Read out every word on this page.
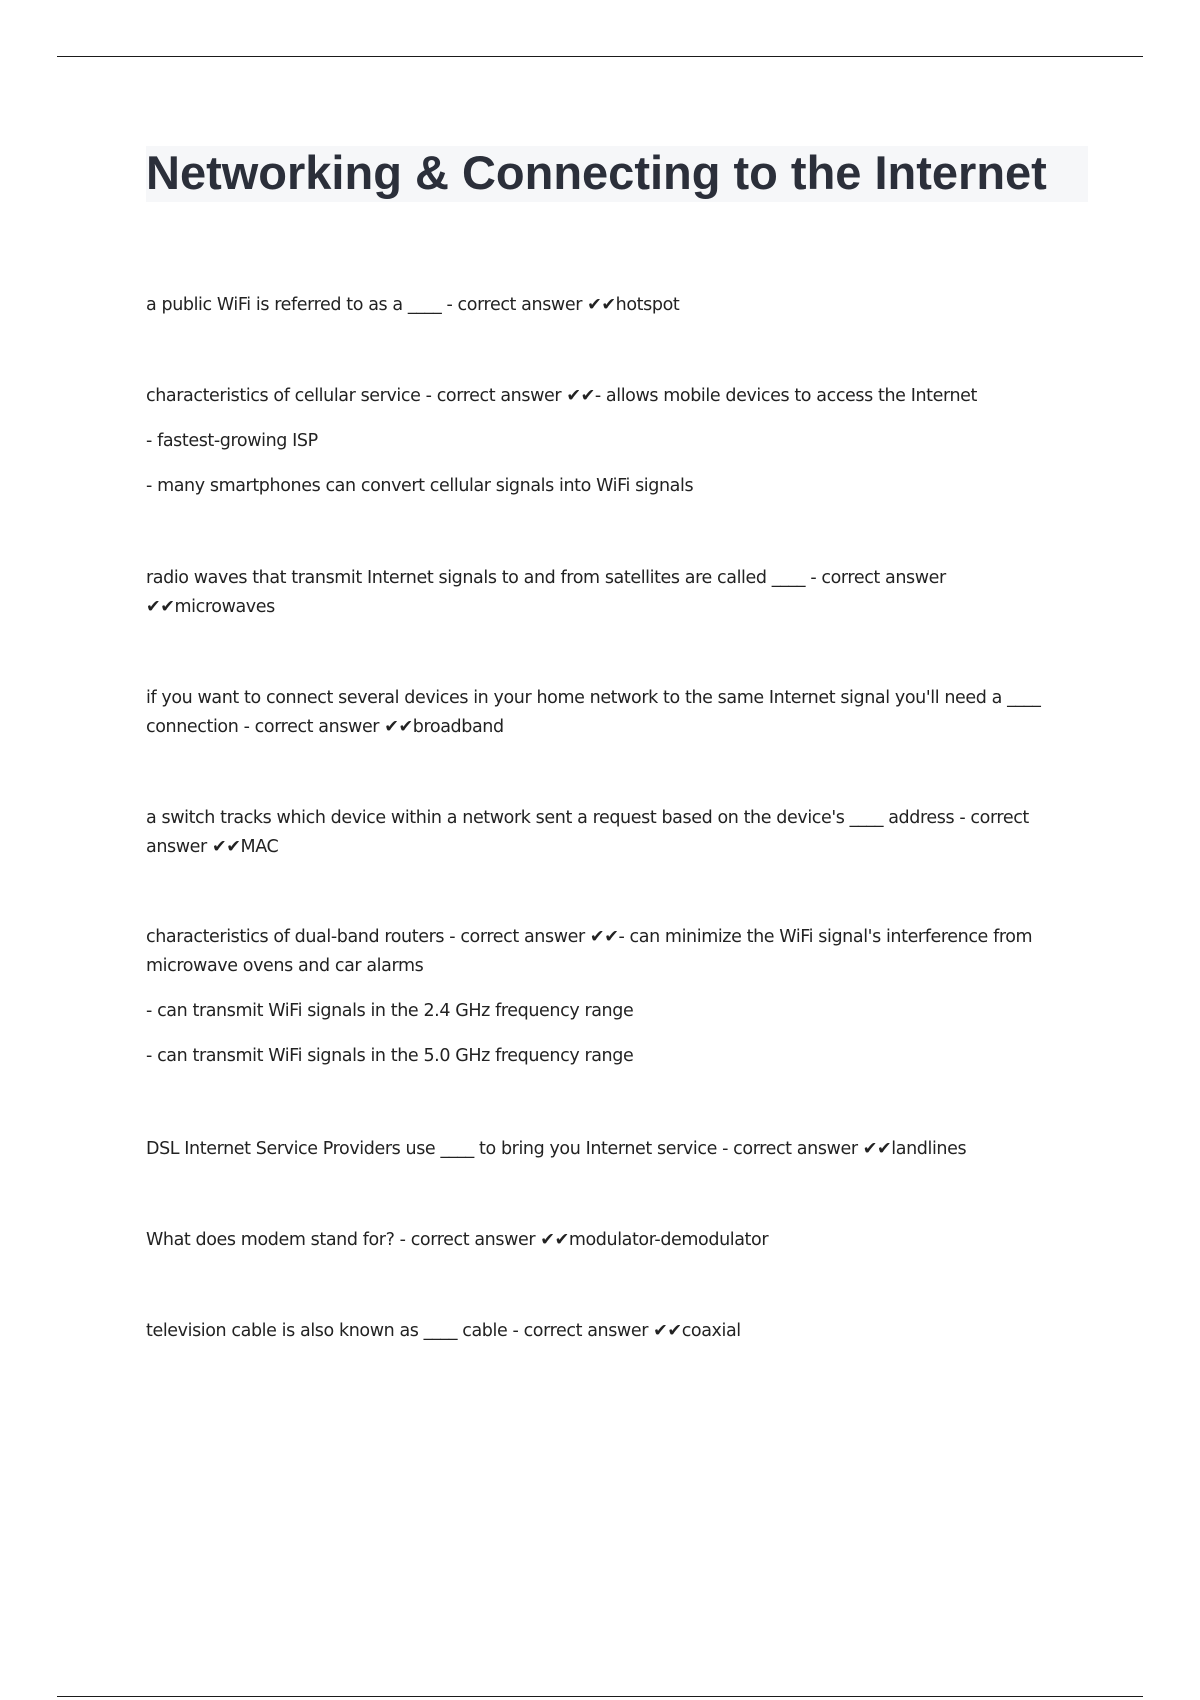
Networking & Connecting to the Internet

a public WiFi is referred to as a ____ - correct answer ✔✔hotspot

characteristics of cellular service - correct answer ✔✔- allows mobile devices to access the Internet

- fastest-growing ISP

- many smartphones can convert cellular signals into WiFi signals

radio waves that transmit Internet signals to and from satellites are called ____ - correct answer ✔✔microwaves

if you want to connect several devices in your home network to the same Internet signal you'll need a ____ connection - correct answer ✔✔broadband

a switch tracks which device within a network sent a request based on the device's ____ address - correct answer ✔✔MAC

characteristics of dual-band routers - correct answer ✔✔- can minimize the WiFi signal's interference from microwave ovens and car alarms

- can transmit WiFi signals in the 2.4 GHz frequency range

- can transmit WiFi signals in the 5.0 GHz frequency range

DSL Internet Service Providers use ____ to bring you Internet service - correct answer ✔✔landlines

What does modem stand for? - correct answer ✔✔modulator-demodulator

television cable is also known as ____ cable - correct answer ✔✔coaxial
